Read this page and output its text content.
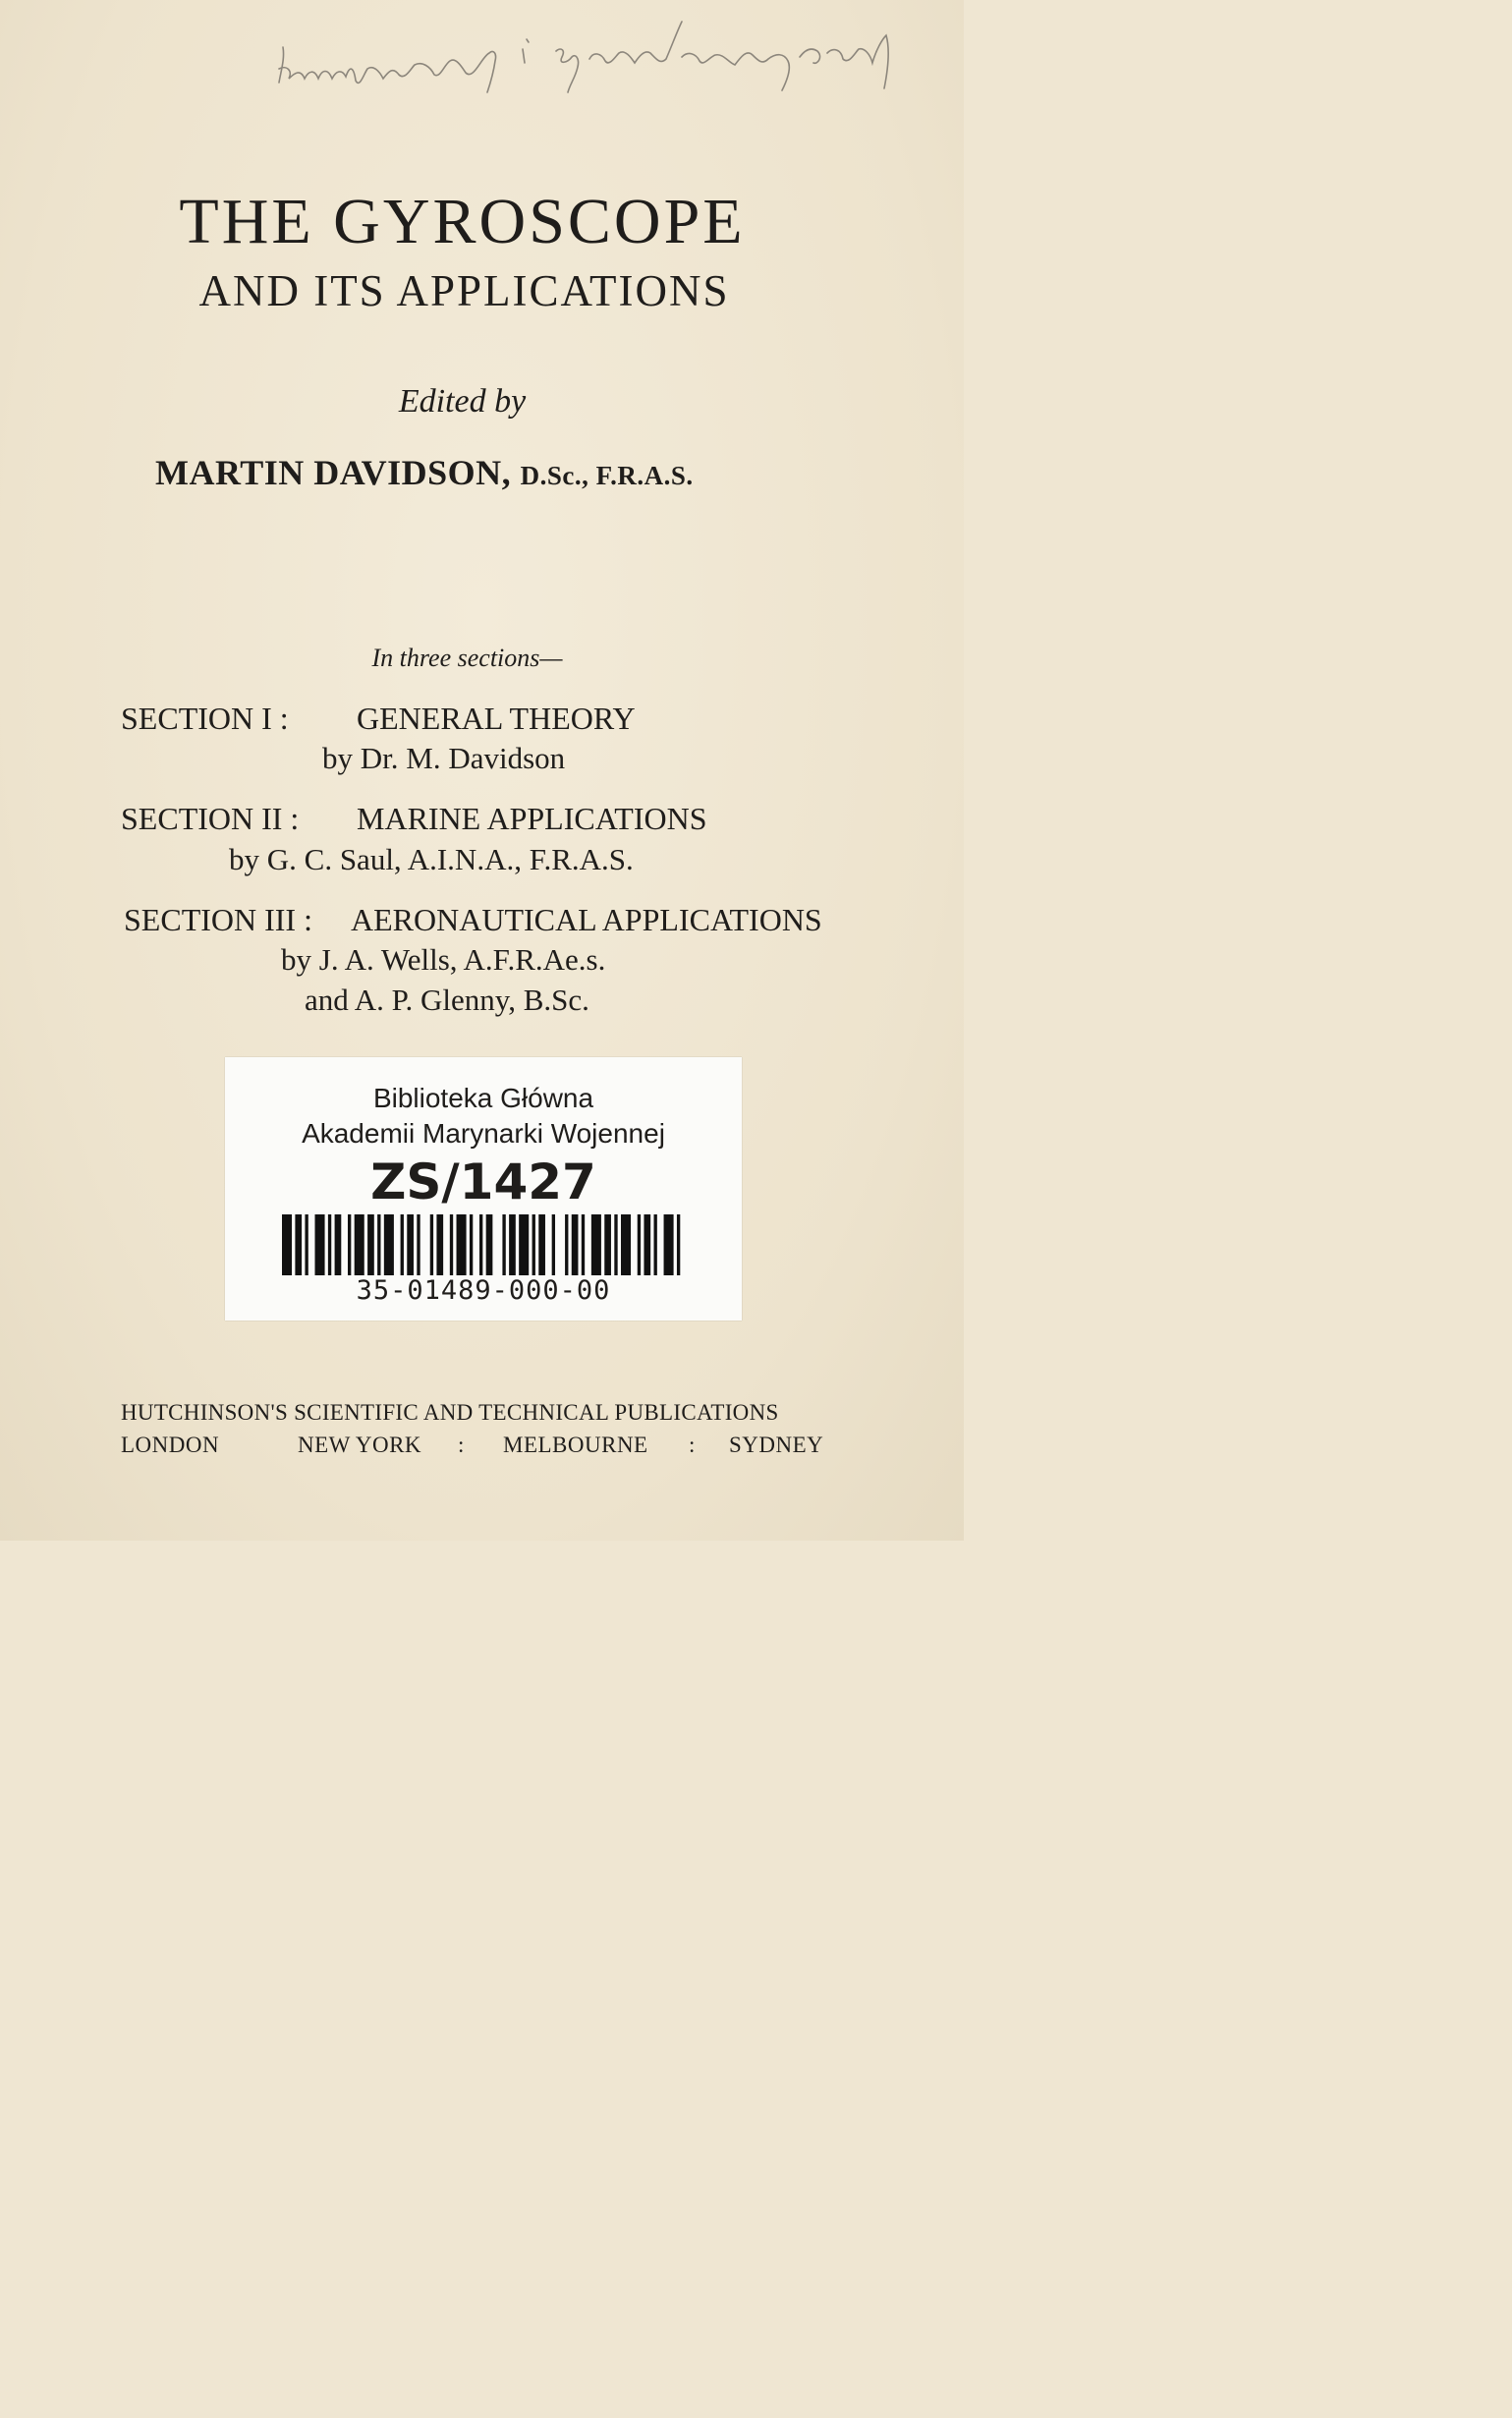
THE GYROSCOPE
AND ITS APPLICATIONS
Edited by
MARTIN DAVIDSON, D.Sc., F.R.A.S.
In three sections—
SECTION I : GENERAL THEORY
by Dr. M. Davidson
SECTION II : MARINE APPLICATIONS
by G. C. Saul, A.I.N.A., F.R.A.S.
SECTION III : AERONAUTICAL APPLICATIONS
by J. A. Wells, A.F.R.Ae.s.
and A. P. Glenny, B.Sc.
Biblioteka Główna
Akademii Marynarki Wojennej
ZS/1427
35-01489-000-00
HUTCHINSON'S SCIENTIFIC AND TECHNICAL PUBLICATIONS
LONDON	NEW YORK : MELBOURNE : SYDNEY
